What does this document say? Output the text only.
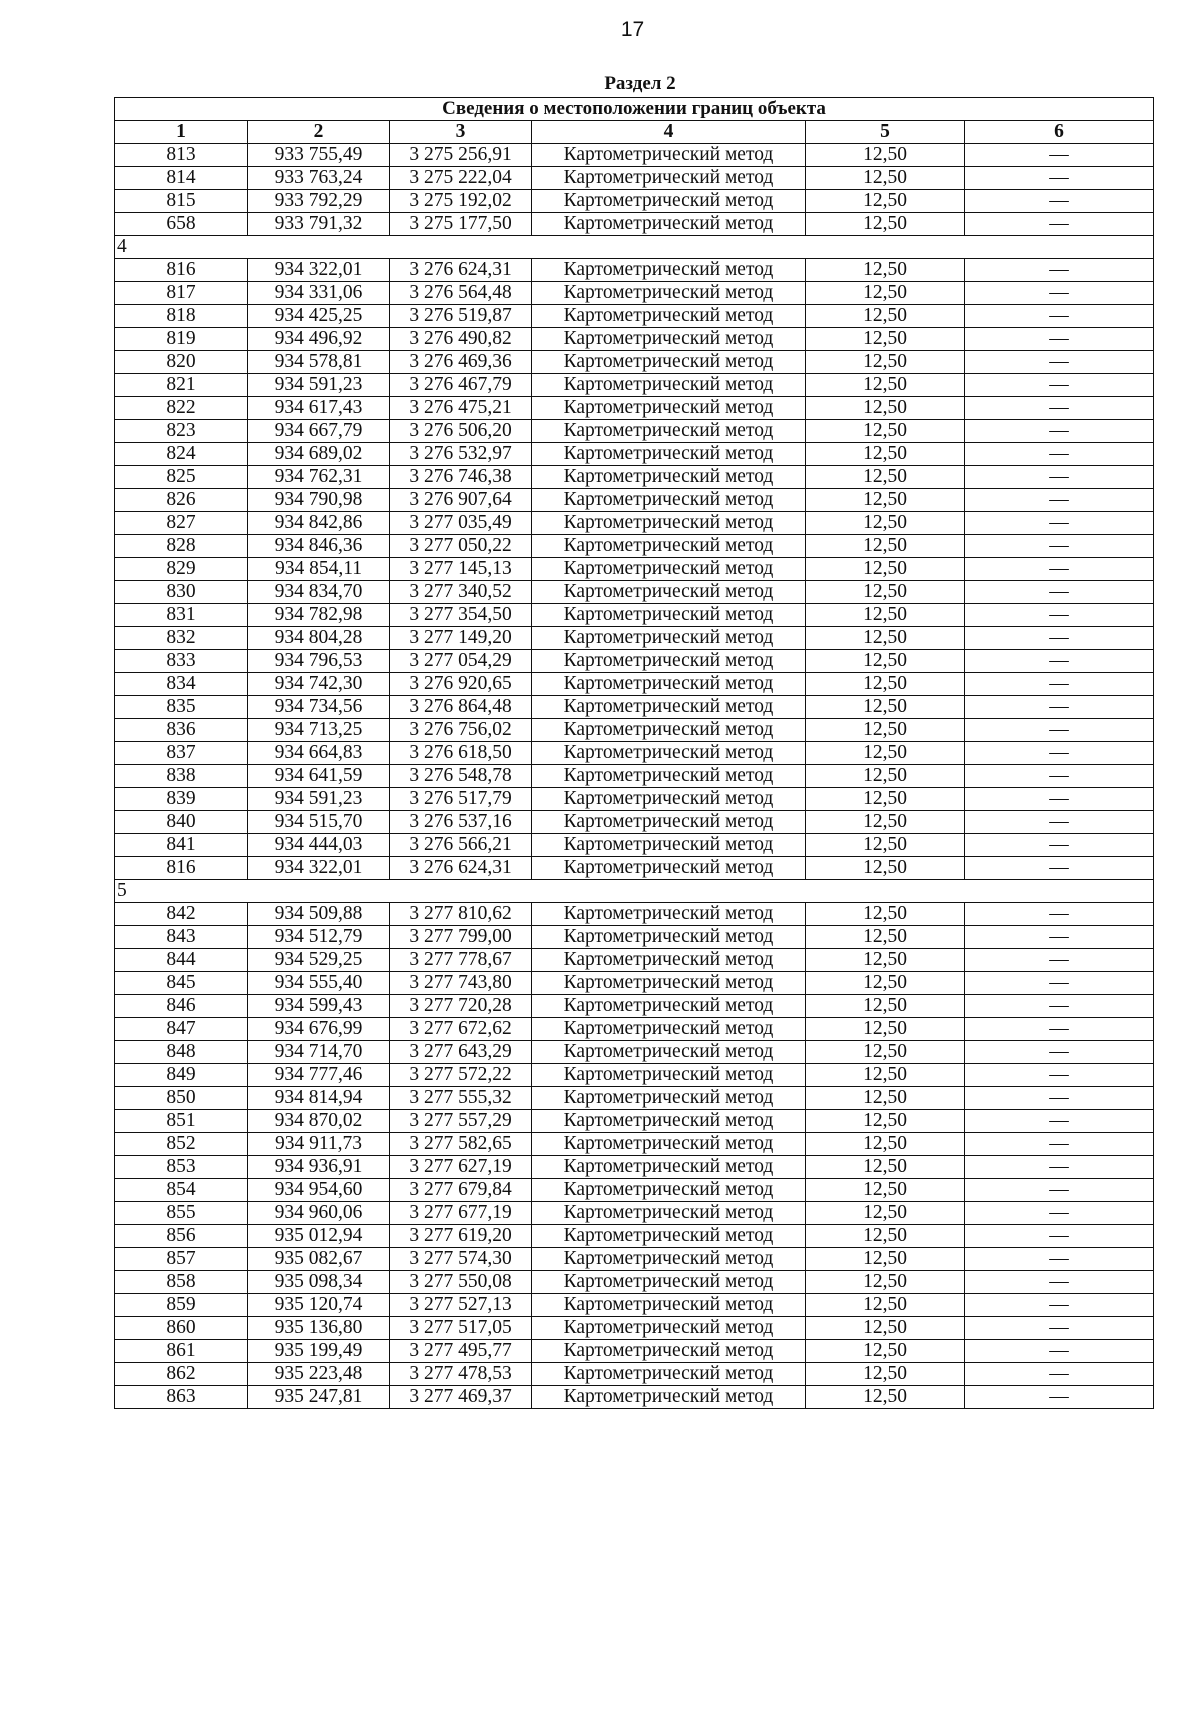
17
Раздел 2
Сведения о местоположении границ объекта					
1	2	3	4	5	6
813	933 755,49	3 275 256,91	Картометрический метод	12,50	—
814	933 763,24	3 275 222,04	Картометрический метод	12,50	—
815	933 792,29	3 275 192,02	Картометрический метод	12,50	—
658	933 791,32	3 275 177,50	Картометрический метод	12,50	—
4					
816	934 322,01	3 276 624,31	Картометрический метод	12,50	—
817	934 331,06	3 276 564,48	Картометрический метод	12,50	—
818	934 425,25	3 276 519,87	Картометрический метод	12,50	—
819	934 496,92	3 276 490,82	Картометрический метод	12,50	—
820	934 578,81	3 276 469,36	Картометрический метод	12,50	—
821	934 591,23	3 276 467,79	Картометрический метод	12,50	—
822	934 617,43	3 276 475,21	Картометрический метод	12,50	—
823	934 667,79	3 276 506,20	Картометрический метод	12,50	—
824	934 689,02	3 276 532,97	Картометрический метод	12,50	—
825	934 762,31	3 276 746,38	Картометрический метод	12,50	—
826	934 790,98	3 276 907,64	Картометрический метод	12,50	—
827	934 842,86	3 277 035,49	Картометрический метод	12,50	—
828	934 846,36	3 277 050,22	Картометрический метод	12,50	—
829	934 854,11	3 277 145,13	Картометрический метод	12,50	—
830	934 834,70	3 277 340,52	Картометрический метод	12,50	—
831	934 782,98	3 277 354,50	Картометрический метод	12,50	—
832	934 804,28	3 277 149,20	Картометрический метод	12,50	—
833	934 796,53	3 277 054,29	Картометрический метод	12,50	—
834	934 742,30	3 276 920,65	Картометрический метод	12,50	—
835	934 734,56	3 276 864,48	Картометрический метод	12,50	—
836	934 713,25	3 276 756,02	Картометрический метод	12,50	—
837	934 664,83	3 276 618,50	Картометрический метод	12,50	—
838	934 641,59	3 276 548,78	Картометрический метод	12,50	—
839	934 591,23	3 276 517,79	Картометрический метод	12,50	—
840	934 515,70	3 276 537,16	Картометрический метод	12,50	—
841	934 444,03	3 276 566,21	Картометрический метод	12,50	—
816	934 322,01	3 276 624,31	Картометрический метод	12,50	—
5					
842	934 509,88	3 277 810,62	Картометрический метод	12,50	—
843	934 512,79	3 277 799,00	Картометрический метод	12,50	—
844	934 529,25	3 277 778,67	Картометрический метод	12,50	—
845	934 555,40	3 277 743,80	Картометрический метод	12,50	—
846	934 599,43	3 277 720,28	Картометрический метод	12,50	—
847	934 676,99	3 277 672,62	Картометрический метод	12,50	—
848	934 714,70	3 277 643,29	Картометрический метод	12,50	—
849	934 777,46	3 277 572,22	Картометрический метод	12,50	—
850	934 814,94	3 277 555,32	Картометрический метод	12,50	—
851	934 870,02	3 277 557,29	Картометрический метод	12,50	—
852	934 911,73	3 277 582,65	Картометрический метод	12,50	—
853	934 936,91	3 277 627,19	Картометрический метод	12,50	—
854	934 954,60	3 277 679,84	Картометрический метод	12,50	—
855	934 960,06	3 277 677,19	Картометрический метод	12,50	—
856	935 012,94	3 277 619,20	Картометрический метод	12,50	—
857	935 082,67	3 277 574,30	Картометрический метод	12,50	—
858	935 098,34	3 277 550,08	Картометрический метод	12,50	—
859	935 120,74	3 277 527,13	Картометрический метод	12,50	—
860	935 136,80	3 277 517,05	Картометрический метод	12,50	—
861	935 199,49	3 277 495,77	Картометрический метод	12,50	—
862	935 223,48	3 277 478,53	Картометрический метод	12,50	—
863	935 247,81	3 277 469,37	Картометрический метод	12,50	—
